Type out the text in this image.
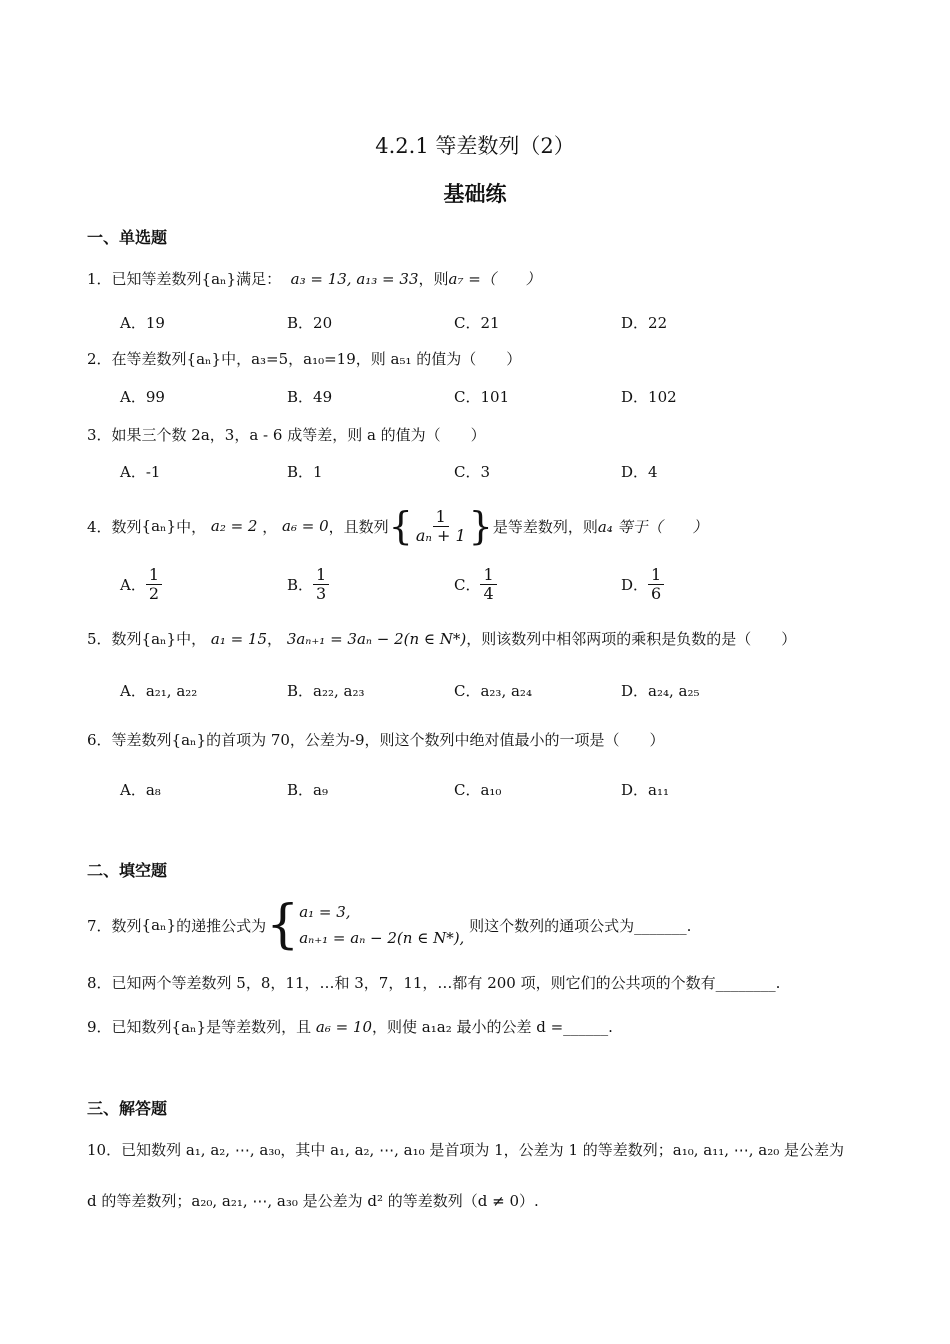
4.2.1 等差数列（2）
基础练
一、单选题
1．已知等差数列{aₙ}满足： a₃ = 13, a₁₃ = 33，则a₇ =（　　）
A．19	B．20	C．21	D．22
2．在等差数列{aₙ}中，a₃=5，a₁₀=19，则 a₅₁ 的值为（　　）
A．99	B．49	C．101	D．102
3．如果三个数 2a，3，a - 6 成等差，则 a 的值为（　　）
A．-1	B．1	C．3	D．4
4．数列 {aₙ} 中，
a₂ = 2 ， a₆ = 0 ，且数列 { $\frac{1}{\text{aₙ + 1}}$ } 是等差数列，则 a₄ 等于（　　）
A． $\frac{1}{2}$	B． $\frac{1}{3}$	C． $\frac{1}{4}$	D． $\frac{1}{6}$
5．数列{aₙ}中， a₁ = 15， 3aₙ₊₁ = 3aₙ − 2(n ∈ N*)，则该数列中相邻两项的乘积是负数的是（　　）
A．a₂₁, a₂₂	B．a₂₂, a₂₃	C．a₂₃, a₂₄	D．a₂₄, a₂₅
6．等差数列{aₙ}的首项为 70，公差为-9，则这个数列中绝对值最小的一项是（　　）
A．a₈	B．a₉	C．a₁₀	D．a₁₁
二、填空题
7．数列 {aₙ} 的递推公式为 { a₁ = 3,
aₙ₊₁ = aₙ − 2(n ∈ N*),

则这个数列的通项公式为_______.
8．已知两个等差数列 5，8，11，…和 3，7，11，…都有 200 项，则它们的公共项的个数有________.
9．已知数列{aₙ}是等差数列，且 a₆ = 10，则使 a₁a₂ 最小的公差 d =______.
三、解答题
10．已知数列 a₁, a₂, ⋯, a₃₀，其中 a₁, a₂, ⋯, a₁₀ 是首项为 1，公差为 1 的等差数列；a₁₀, a₁₁, ⋯, a₂₀ 是公差为
d 的等差数列；a₂₀, a₂₁, ⋯, a₃₀ 是公差为 d² 的等差数列（d ≠ 0）.
